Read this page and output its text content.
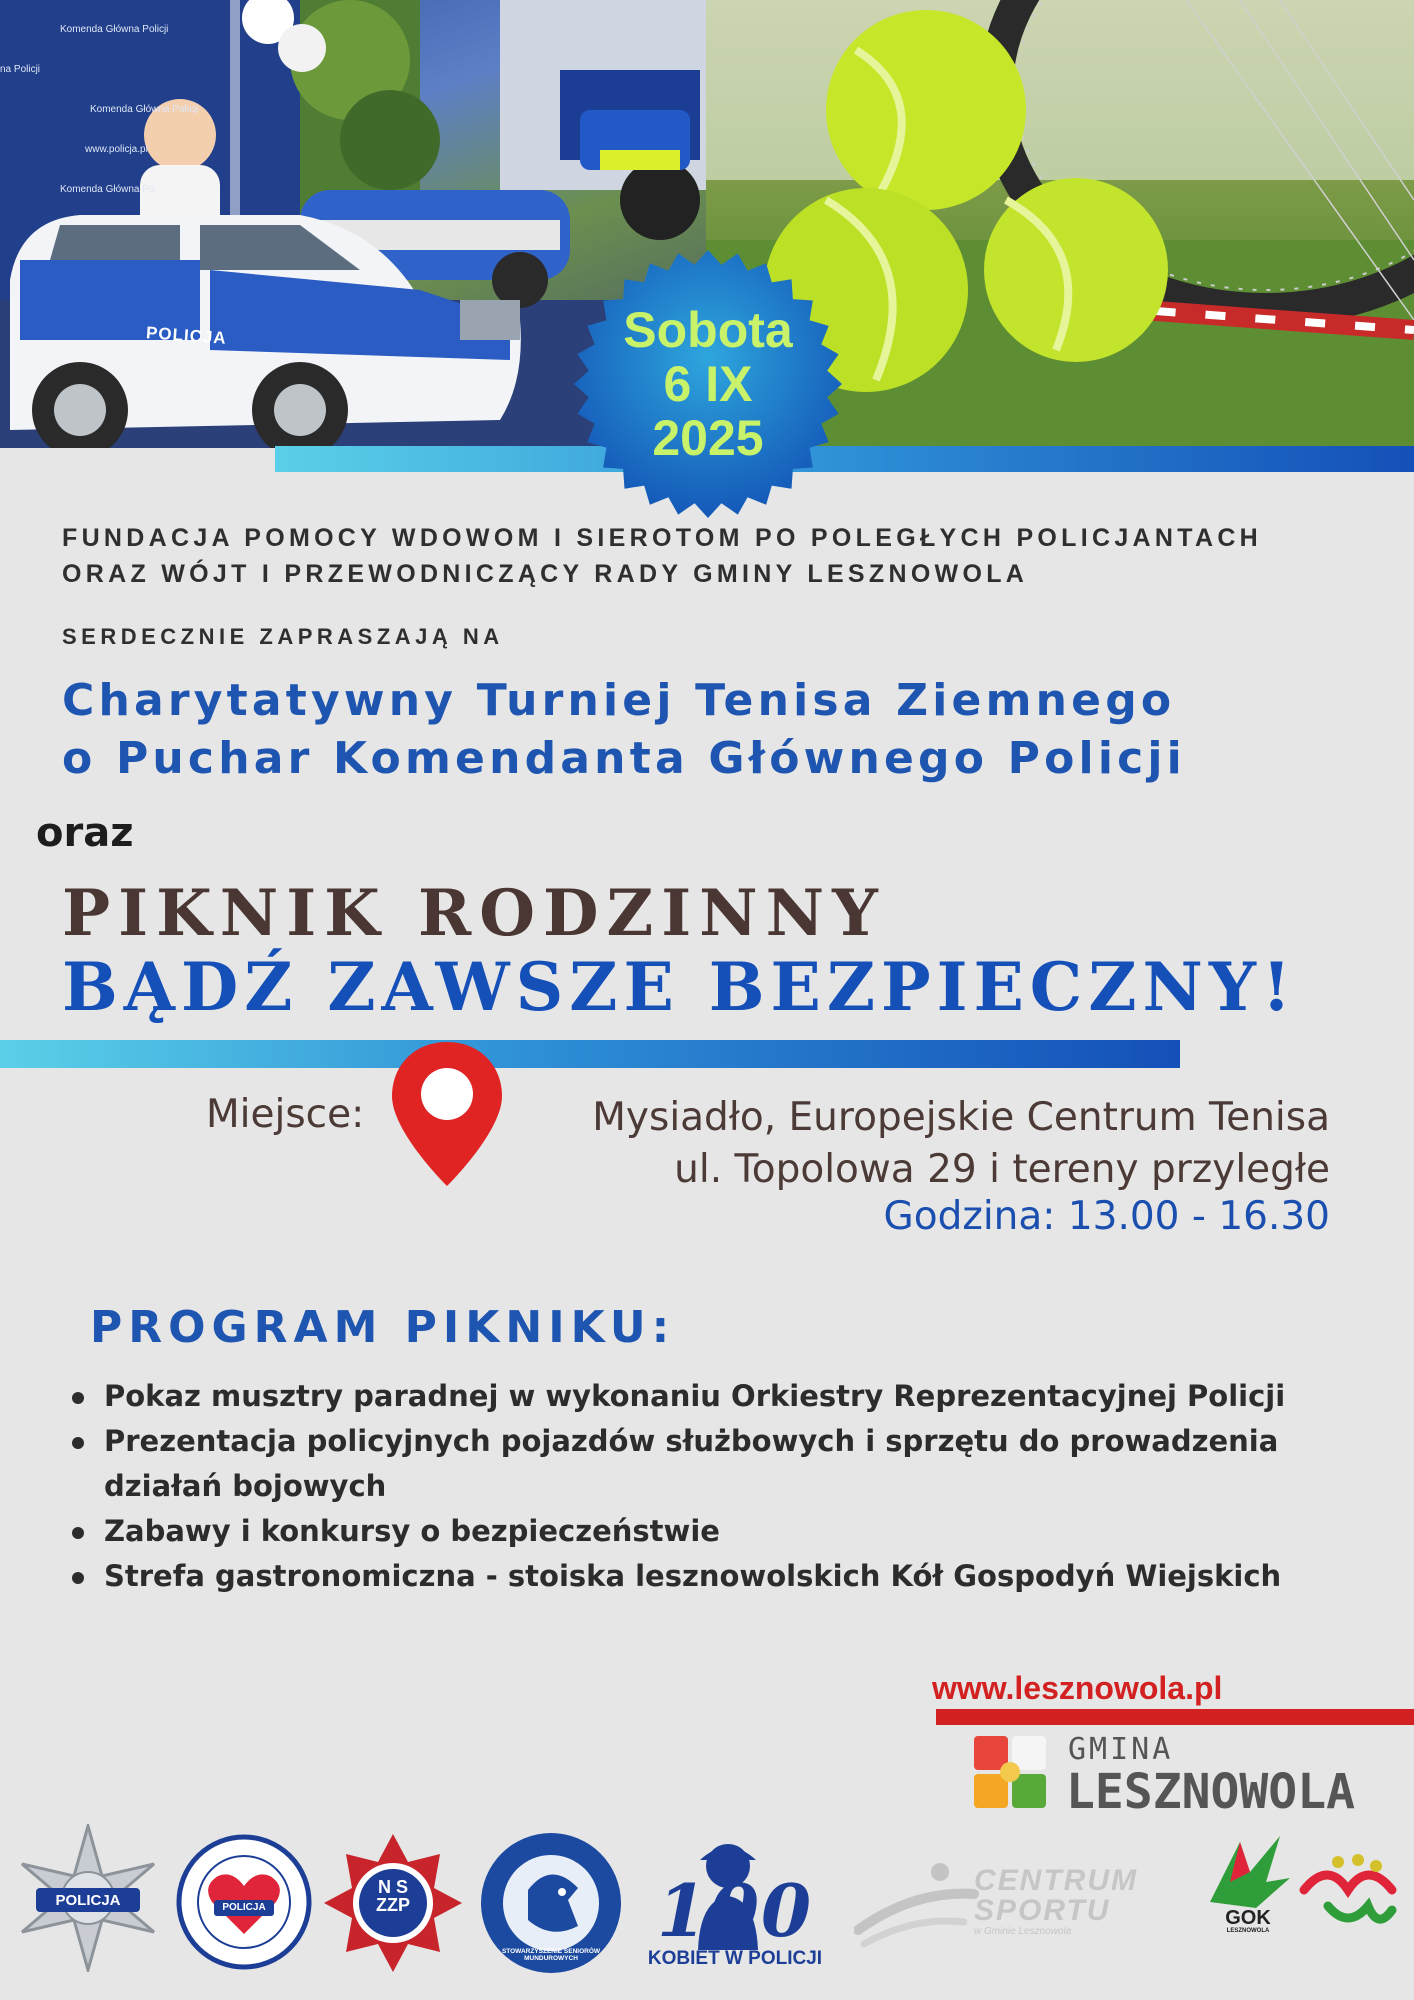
POLICJA
Komenda Główna Policji
na Policji
Komenda Główna Policji
www.policja.pl
Komenda Główna Po
Sobota
6 IX
2025
FUNDACJA POMOCY WDOWOM I SIEROTOM PO POLEGŁYCH POLICJANTACH
ORAZ WÓJT I PRZEWODNICZĄCY RADY GMINY LESZNOWOLA
SERDECZNIE ZAPRASZAJĄ NA
Charytatywny Turniej Tenisa Ziemnego
o Puchar Komendanta Głównego Policji
oraz
PIKNIK RODZINNY
BĄDŹ ZAWSZE BEZPIECZNY!
Miejsce:	Mysiadło, Europejskie Centrum Tenisa
ul. Topolowa 29 i tereny przyległe
Godzina: 13.00 - 16.30
PROGRAM PIKNIKU:
Pokaz musztry paradnej w wykonaniu Orkiestry Reprezentacyjnej Policji
Prezentacja policyjnych pojazdów służbowych i sprzętu do prowadzenia działań bojowych
Zabawy i konkursy o bezpieczeństwie
Strefa gastronomiczna - stoiska lesznowolskich Kół Gospodyń Wiejskich
www.lesznowola.pl
GMINA
LESZNOWOLA
POLICJA	POLICJA
N S
ZZP
STOWARZYSZENIE SENIORÓW MUNDUROWYCH
100
KOBIET W POLICJI
CENTRUM
SPORTU
w Gminie Lesznowola
GOK
LESZNOWOLA
